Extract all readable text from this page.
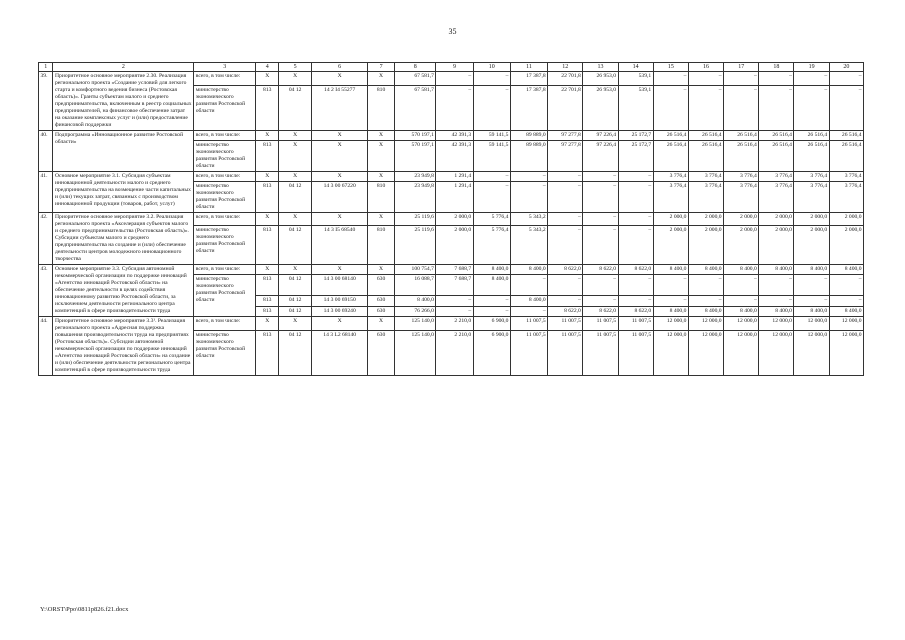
35
1	2	3	4	5	6	7	8	9	10	11	12	13	14	15	16	17	18	19	20
39.	Приоритетное основное мероприятие 2.30. Реализация регионального проекта «Создание условий для легкого старта и комфортного ведения бизнеса (Ростовская область)». Гранты субъектам малого и среднего предпринимательства, включенным в реестр социальных предпринимателей, на финансовое обеспечение затрат на оказание комплексных услуг и (или) предоставление финансовой поддержки	всего, в том числе:	X	X	X	X	67 581,7	–	–	17 387,8	22 701,8	26 953,0	539,1	–	–	–	–	–	–
		министерство экономического развития Ростовской области	813	04 12	14 2 I4 55277	810	67 581,7	–	–	17 387,8	22 701,8	26 953,0	539,1	–	–	–	–	–	–
40.	Подпрограмма «Инновационное развитие Ростовской области»	всего, в том числе:	X	X	X	X	570 197,1	42 391,3	59 141,5	89 889,0	97 277,8	97 226,4	25 172,7	26 516,4	26 516,4	26 516,4	26 516,4	26 516,4	26 516,4
		министерство экономического развития Ростовской области	813	X	X	X	570 197,1	42 391,3	59 141,5	89 889,0	97 277,8	97 226,4	25 172,7	26 516,4	26 516,4	26 516,4	26 516,4	26 516,4	26 516,4
41.	Основное мероприятие 3.1. Субсидия субъектам инновационной деятельности малого и среднего предпринимательства на возмещение части капитальных и (или) текущих затрат, связанных с производством инновационной продукции (товаров, работ, услуг)	всего, в том числе:	X	X	X	X	23 949,8	1 291,4	–	–	–	–	–	3 776,4	3 776,4	3 776,4	3 776,4	3 776,4	3 776,4
		министерство экономического развития Ростовской области	813	04 12	14 3 00 67220	810	23 949,8	1 291,4	–	–	–	–	–	3 776,4	3 776,4	3 776,4	3 776,4	3 776,4	3 776,4
42.	Приоритетное основное мероприятие 3.2. Реализация регионального проекта «Акселерация субъектов малого и среднего предпринимательства (Ростовская область)». Субсидии субъектам малого и среднего предпринимательства на создание и (или) обеспечение деятельности центров молодежного инновационного творчества	всего, в том числе:	X	X	X	X	25 119,6	2 000,0	5 776,4	5 343,2	–	–	–	2 000,0	2 000,0	2 000,0	2 000,0	2 000,0	2 000,0
		министерство экономического развития Ростовской области	813	04 12	14 3 I5 68540	810	25 119,6	2 000,0	5 776,4	5 343,2	–	–	–	2 000,0	2 000,0	2 000,0	2 000,0	2 000,0	2 000,0
43.	Основное мероприятие 3.3. Субсидия автономной некоммерческой организации по поддержке инноваций «Агентство инноваций Ростовской области» на обеспечение деятельности в целях содействия инновационному развитию Ростовской области, за исключением деятельности регионального центра компетенций в сфере производительности труда	всего, в том числе:	X	X	X	X	100 754,7	7 688,7	8 400,0	8 400,0	8 622,0	8 622,0	8 622,0	8 400,0	8 400,0	8 400,0	8 400,0	8 400,0	8 400,0
		министерство экономического развития Ростовской области	813	04 12	14 3 00 68140	630	16 088,7	7 688,7	8 400,0	–	–	–	–	–	–	–	–	–	–
			813	04 12	14 3 00 69150	630	8 400,0	–	–	8 400,0	–	–	–	–	–	–	–	–	–
			813	04 12	14 3 00 69240	630	76 266,0	–	–	–	8 622,0	8 622,0	8 622,0	8 400,0	8 400,0	8 400,0	8 400,0	8 400,0	8 400,0
44.	Приоритетное основное мероприятие 3.3¹. Реализация регионального проекта «Адресная поддержка повышения производительности труда на предприятиях (Ростовская область)». Субсидии автономной некоммерческой организации по поддержке инноваций «Агентство инноваций Ростовской области» на создание и (или) обеспечение деятельности регионального центра компетенций в сфере производительности труда	всего, в том числе:	X	X	X	X	125 140,0	2 210,0	6 900,0	11 007,5	11 007,5	11 007,5	11 007,5	12 000,0	12 000,0	12 000,0	12 000,0	12 000,0	12 000,0
		министерство экономического развития Ростовской области	813	04 12	14 3 L2 68140	630	125 140,0	2 210,0	6 900,0	11 007,5	11 007,5	11 007,5	11 007,5	12 000,0	12 000,0	12 000,0	12 000,0	12 000,0	12 000,0
Y:\ORST\Ppo\0811p826.f21.docx
